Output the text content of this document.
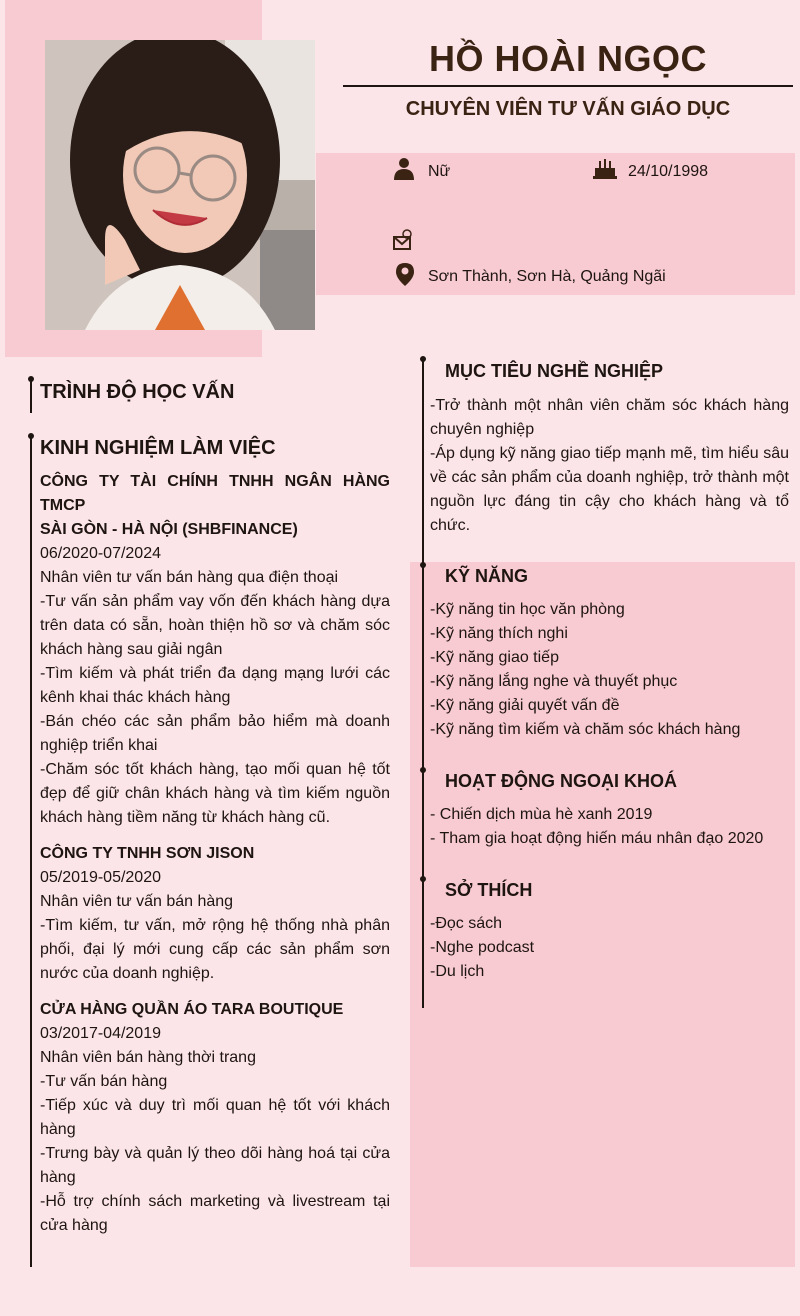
HỒ HOÀI NGỌC
CHUYÊN VIÊN TƯ VẤN GIÁO DỤC
Nữ	24/10/1998
Sơn Thành, Sơn Hà, Quảng Ngãi
TRÌNH ĐỘ HỌC VẤN
KINH NGHIỆM LÀM VIỆC

CÔNG TY TÀI CHÍNH TNHH NGÂN HÀNG TMCP

SÀI GÒN - HÀ NỘI (SHBFINANCE)

06/2020-07/2024

Nhân viên tư vấn bán hàng qua điện thoại

-Tư vấn sản phẩm vay vốn đến khách hàng dựa trên data có sẵn, hoàn thiện hồ sơ và chăm sóc khách hàng sau giải ngân

-Tìm kiếm và phát triển đa dạng mạng lưới các kênh khai thác khách hàng

-Bán chéo các sản phẩm bảo hiểm mà doanh nghiệp triển khai

-Chăm sóc tốt khách hàng, tạo mối quan hệ tốt đẹp để giữ chân khách hàng và tìm kiếm nguồn khách hàng tiềm năng từ khách hàng cũ.

CÔNG TY TNHH SƠN JISON

05/2019-05/2020

Nhân viên tư vấn bán hàng

-Tìm kiếm, tư vấn, mở rộng hệ thống nhà phân phối, đại lý mới cung cấp các sản phẩm sơn nước của doanh nghiệp.

CỬA HÀNG QUẦN ÁO TARA BOUTIQUE

03/2017-04/2019

Nhân viên bán hàng thời trang

-Tư vấn bán hàng

-Tiếp xúc và duy trì mối quan hệ tốt với khách hàng

-Trưng bày và quản lý theo dõi hàng hoá tại cửa hàng

-Hỗ trợ chính sách marketing và livestream tại cửa hàng

MỤC TIÊU NGHỀ NGHIỆP

-Trở thành một nhân viên chăm sóc khách hàng chuyên nghiệp

-Áp dụng kỹ năng giao tiếp mạnh mẽ, tìm hiểu sâu về các sản phẩm của doanh nghiệp, trở thành một nguồn lực đáng tin cậy cho khách hàng và tổ chức.

KỸ NĂNG

-Kỹ năng tin học văn phòng

-Kỹ năng thích nghi

-Kỹ năng giao tiếp

-Kỹ năng lắng nghe và thuyết phục

-Kỹ năng giải quyết vấn đề

-Kỹ năng tìm kiếm và chăm sóc khách hàng

HOẠT ĐỘNG NGOẠI KHOÁ

- Chiến dịch mùa hè xanh 2019

- Tham gia hoạt động hiến máu nhân đạo 2020

SỞ THÍCH

-Đọc sách

-Nghe podcast

-Du lịch
